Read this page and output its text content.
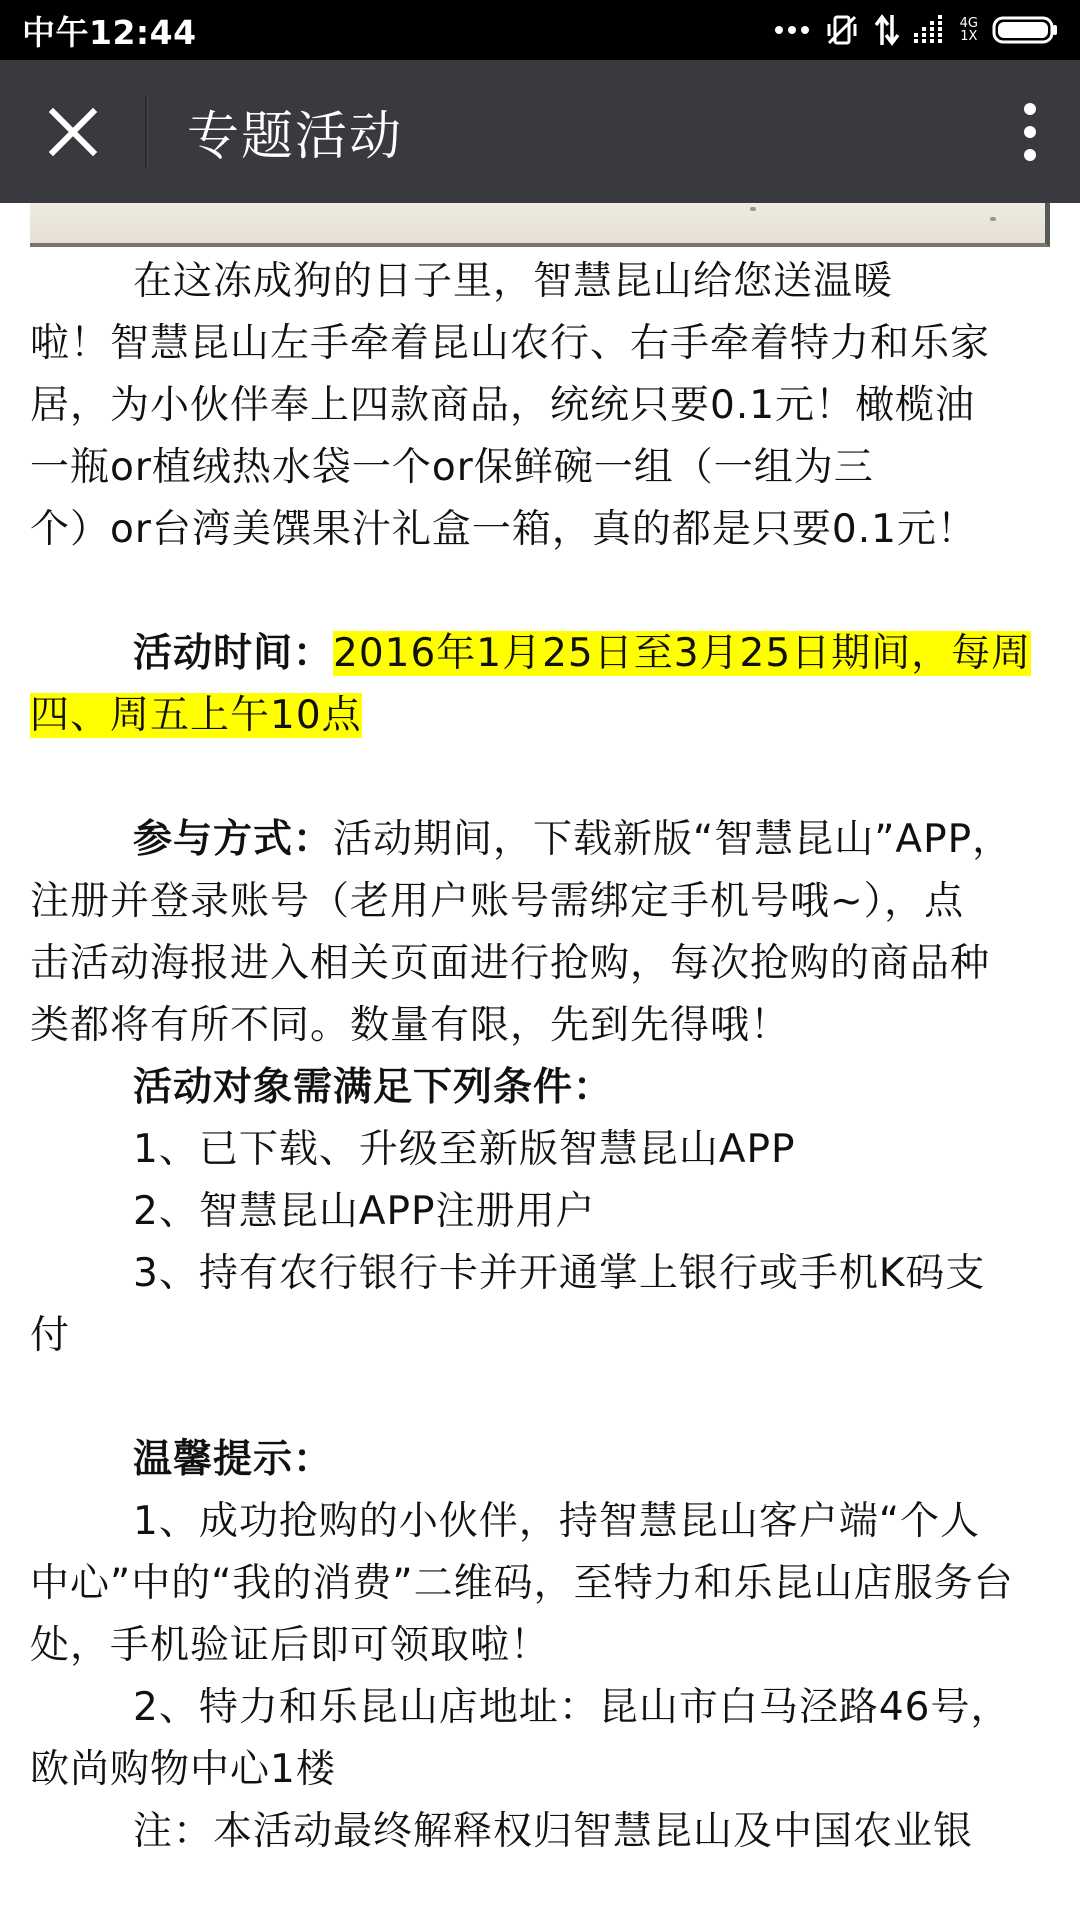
中午12:44	4G
1X
专题活动

在这冻成狗的日子里，智慧昆山给您送温暖

啦！智慧昆山左手牵着昆山农行、右手牵着特力和乐家

居，为小伙伴奉上四款商品，统统只要0.1元！橄榄油

一瓶or植绒热水袋一个or保鲜碗一组（一组为三

个）or台湾美馔果汁礼盒一箱，真的都是只要0.1元！

活动时间：2016年1月25日至3月25日期间，每周

四、周五上午10点

参与方式：活动期间，下载新版“智慧昆山”APP，

注册并登录账号（老用户账号需绑定手机号哦~），点

击活动海报进入相关页面进行抢购，每次抢购的商品种

类都将有所不同。数量有限，先到先得哦！

活动对象需满足下列条件：

1、已下载、升级至新版智慧昆山APP

2、智慧昆山APP注册用户

3、持有农行银行卡并开通掌上银行或手机K码支

付

温馨提示：

1、成功抢购的小伙伴，持智慧昆山客户端“个人

中心”中的“我的消费”二维码，至特力和乐昆山店服务台

处，手机验证后即可领取啦！

2、特力和乐昆山店地址：昆山市白马泾路46号，

欧尚购物中心1楼

注：本活动最终解释权归智慧昆山及中国农业银
